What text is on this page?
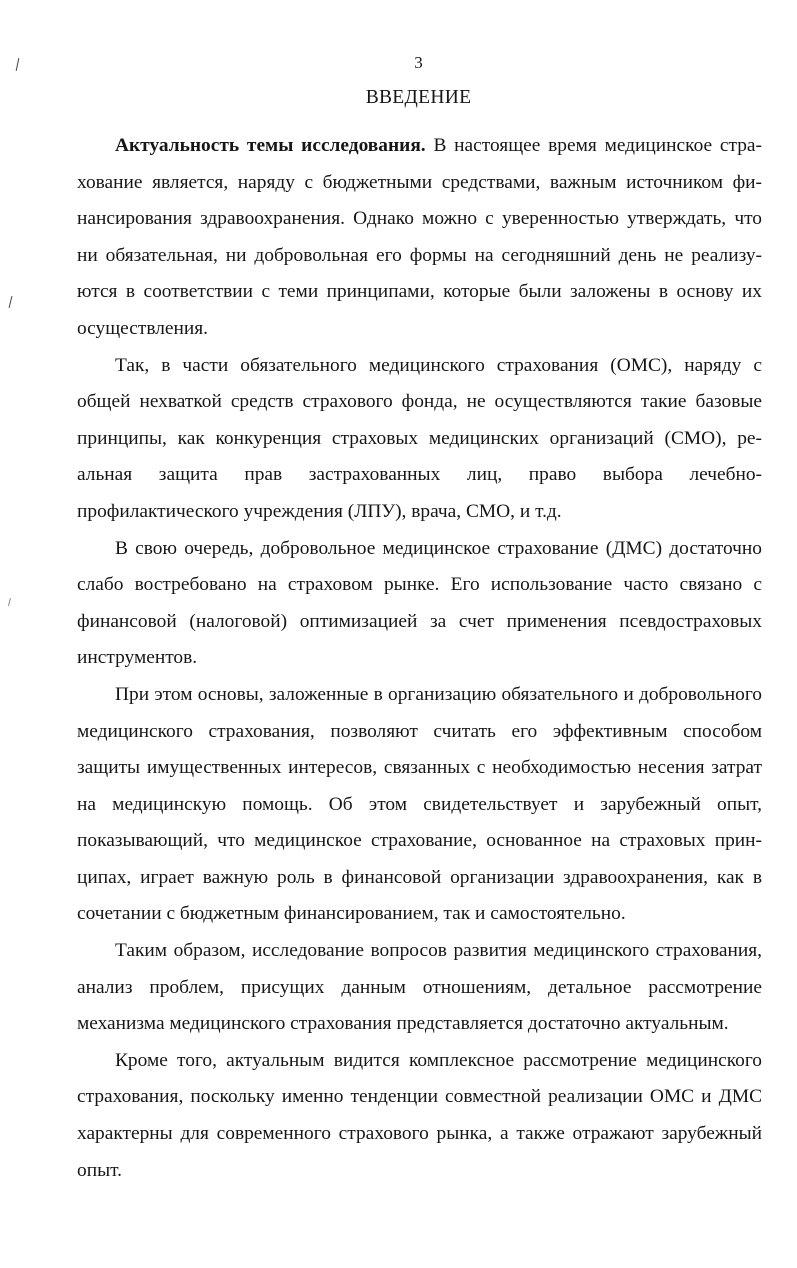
3
ВВЕДЕНИЕ

Актуальность темы исследования. В настоящее время медицинское страхование является, наряду с бюджетными средствами, важным источником финансирования здравоохранения. Однако можно с уверенностью утверждать, что ни обязательная, ни добровольная его формы на сегодняшний день не реализуются в соответствии с теми принципами, которые были заложены в основу их осуществления.

Так, в части обязательного медицинского страхования (ОМС), наряду с общей нехваткой средств страхового фонда, не осуществляются такие базовые принципы, как конкуренция страховых медицинских организаций (СМО), реальная защита прав застрахованных лиц, право выбора лечебно-профилактического учреждения (ЛПУ), врача, СМО, и т.д.

В свою очередь, добровольное медицинское страхование (ДМС) достаточно слабо востребовано на страховом рынке. Его использование часто связано с финансовой (налоговой) оптимизацией за счет применения псевдостраховых инструментов.

При этом основы, заложенные в организацию обязательного и добровольного медицинского страхования, позволяют считать его эффективным способом защиты имущественных интересов, связанных с необходимостью несения затрат на медицинскую помощь. Об этом свидетельствует и зарубежный опыт, показывающий, что медицинское страхование, основанное на страховых принципах, играет важную роль в финансовой организации здравоохранения, как в сочетании с бюджетным финансированием, так и самостоятельно.

Таким образом, исследование вопросов развития медицинского страхования, анализ проблем, присущих данным отношениям, детальное рассмотрение механизма медицинского страхования представляется достаточно актуальным.

Кроме того, актуальным видится комплексное рассмотрение медицинского страхования, поскольку именно тенденции совместной реализации ОМС и ДМС характерны для современного страхового рынка, а также отражают зарубежный опыт.
